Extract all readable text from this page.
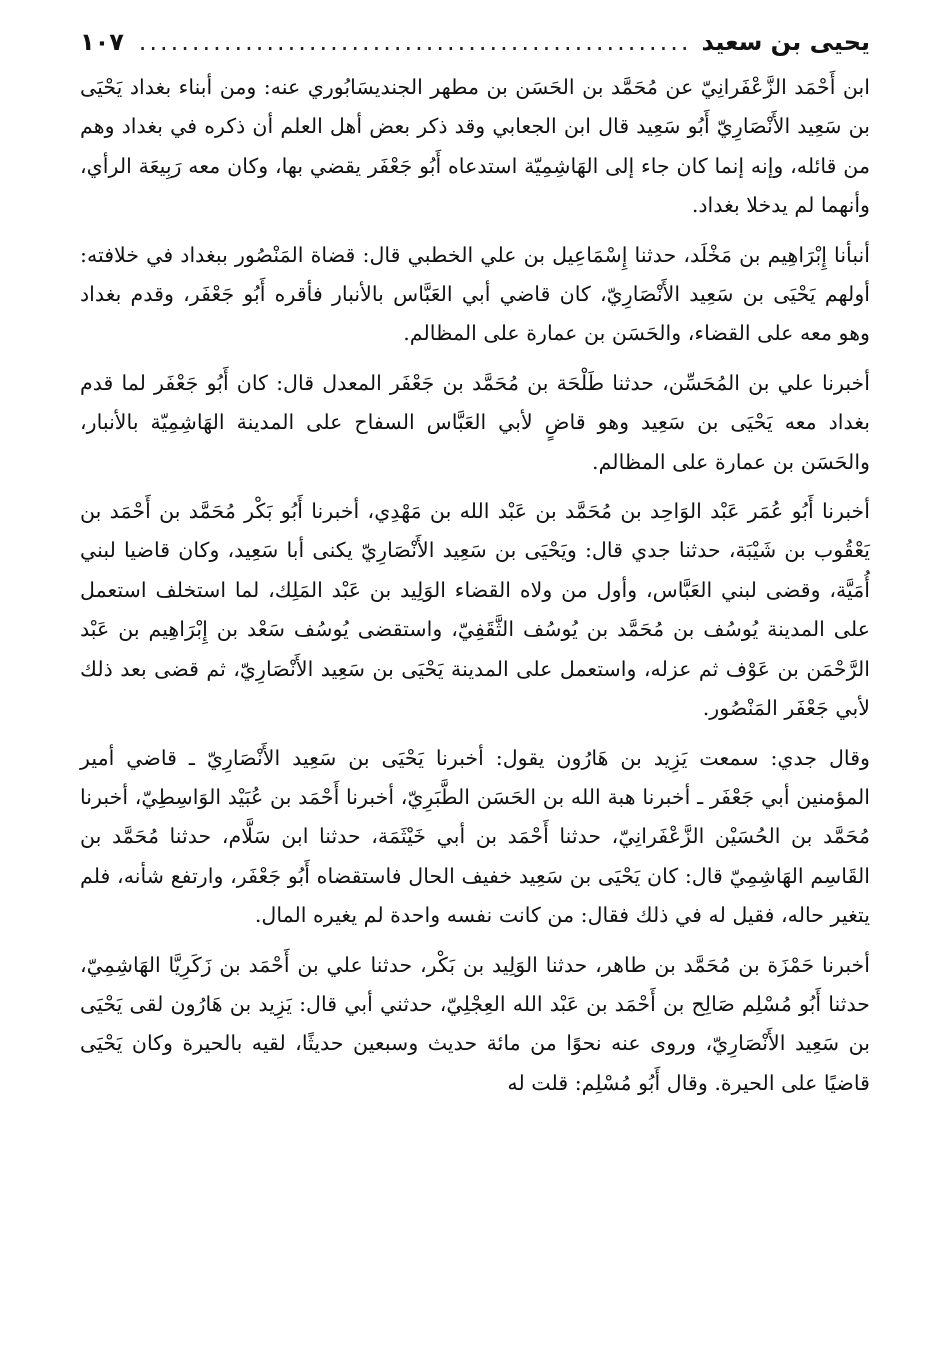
يحيى بن سعيد
.....
١٠٧

ابن أَحْمَد الزَّعْفَرانِيّ عن مُحَمَّد بن الحَسَن بن مطهر الجنديسَابُوري عنه: ومن أبناء بغداد يَحْيَى بن سَعِيد الأَنْصَارِيّ أَبُو سَعِيد قال ابن الجعابي وقد ذكر بعض أهل العلم أن ذكره في بغداد وهم من قائله، وإنه إنما كان جاء إلى الهَاشِمِيّة استدعاه أَبُو جَعْفَر يقضي بها، وكان معه رَبِيعَة الرأي، وأنهما لم يدخلا بغداد.

أنبأنا إِبْرَاهِيم بن مَخْلَد، حدثنا إِسْمَاعِيل بن علي الخطبي قال: قضاة المَنْصُور ببغداد في خلافته: أولهم يَحْيَى بن سَعِيد الأَنْصَارِيّ، كان قاضي أبي العَبَّاس بالأنبار فأقره أَبُو جَعْفَر، وقدم بغداد وهو معه على القضاء، والحَسَن بن عمارة على المظالم.

أخبرنا علي بن المُحَسِّن، حدثنا طَلْحَة بن مُحَمَّد بن جَعْفَر المعدل قال: كان أَبُو جَعْفَر لما قدم بغداد معه يَحْيَى بن سَعِيد وهو قاضٍ لأبي العَبَّاس السفاح على المدينة الهَاشِمِيّة بالأنبار، والحَسَن بن عمارة على المظالم.

أخبرنا أَبُو عُمَر عَبْد الوَاحِد بن مُحَمَّد بن عَبْد الله بن مَهْدِي، أخبرنا أَبُو بَكْر مُحَمَّد بن أَحْمَد بن يَعْقُوب بن شَيْبَة، حدثنا جدي قال: ويَحْيَى بن سَعِيد الأَنْصَارِيّ يكنى أبا سَعِيد، وكان قاضيا لبني أُمَيَّة، وقضى لبني العَبَّاس، وأول من ولاه القضاء الوَلِيد بن عَبْد المَلِك، لما استخلف استعمل على المدينة يُوسُف بن مُحَمَّد بن يُوسُف الثَّقَفِيّ، واستقضى يُوسُف سَعْد بن إِبْرَاهِيم بن عَبْد الرَّحْمَن بن عَوْف ثم عزله، واستعمل على المدينة يَحْيَى بن سَعِيد الأَنْصَارِيّ، ثم قضى بعد ذلك لأبي جَعْفَر المَنْصُور.

وقال جدي: سمعت يَزِيد بن هَارُون يقول: أخبرنا يَحْيَى بن سَعِيد الأَنْصَارِيّ ـ قاضي أمير المؤمنين أبي جَعْفَر ـ أخبرنا هبة الله بن الحَسَن الطَّبَرِيّ، أخبرنا أَحْمَد بن عُبَيْد الوَاسِطِيّ، أخبرنا مُحَمَّد بن الحُسَيْن الزَّعْفَرانِيّ، حدثنا أَحْمَد بن أبي خَيْثَمَة، حدثنا ابن سَلَّام، حدثنا مُحَمَّد بن القَاسِم الهَاشِمِيّ قال: كان يَحْيَى بن سَعِيد خفيف الحال فاستقضاه أَبُو جَعْفَر، وارتفع شأنه، فلم يتغير حاله، فقيل له في ذلك فقال: من كانت نفسه واحدة لم يغيره المال.

أخبرنا حَمْزَة بن مُحَمَّد بن طاهر، حدثنا الوَلِيد بن بَكْر، حدثنا علي بن أَحْمَد بن زَكَرِيَّا الهَاشِمِيّ، حدثنا أَبُو مُسْلِم صَالِح بن أَحْمَد بن عَبْد الله العِجْلِيّ، حدثني أبي قال: يَزِيد بن هَارُون لقى يَحْيَى بن سَعِيد الأَنْصَارِيّ، وروى عنه نحوًا من مائة حديث وسبعين حديثًا، لقيه بالحيرة وكان يَحْيَى قاضيًا على الحيرة. وقال أَبُو مُسْلِم: قلت له
